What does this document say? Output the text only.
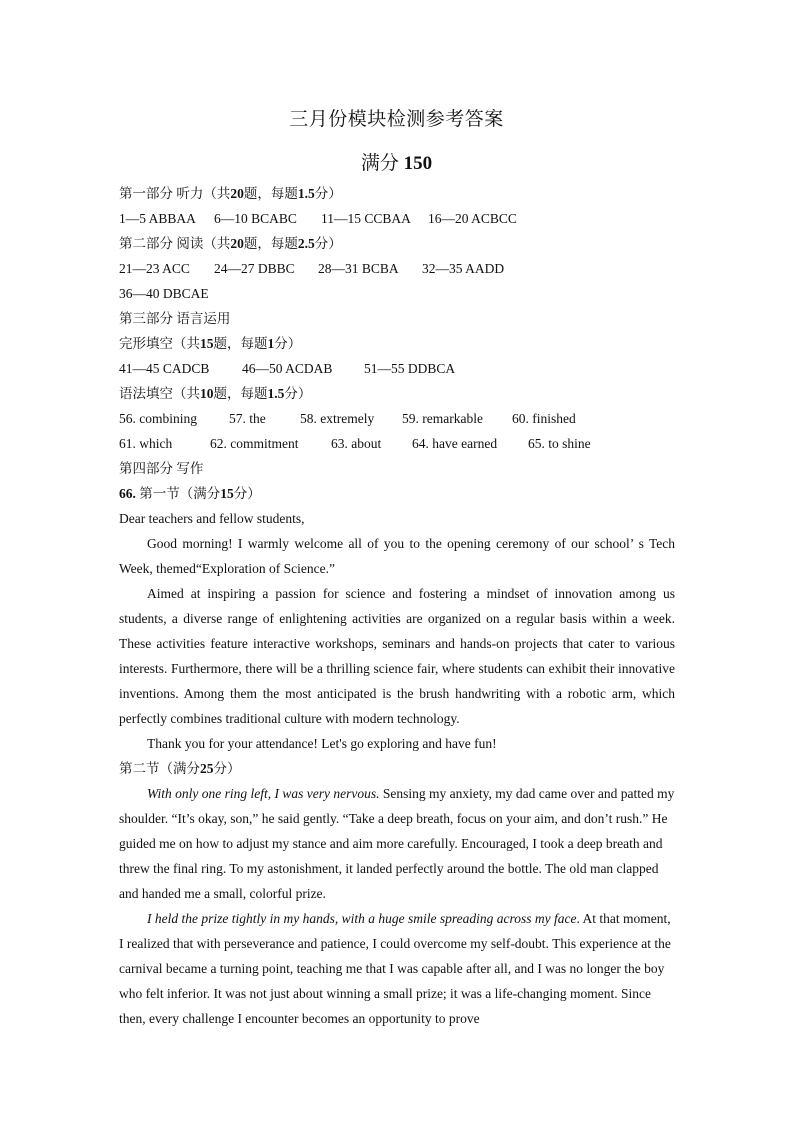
三月份模块检测参考答案
满分 150
第一部分 听力（共20题，每题1.5分）
1—5 ABBAA 6—10 BCABC 11—15 CCBAA 16—20 ACBCC
第二部分 阅读（共20题，每题2.5分）
21—23 ACC 24—27 DBBC 28—31 BCBA 32—35 AADD
36—40 DBCAE
第三部分 语言运用
完形填空（共15题，每题1分）
41—45 CADCB 46—50 ACDAB 51—55 DDBCA
语法填空（共10题，每题1.5分）
56. combining 57. the	58. extremely 59. remarkable 60. finished
61. which	62. commitment 63. about 64. have earned 65. to shine
第四部分 写作
66. 第一节（满分15分）
Dear teachers and fellow students,

Good morning! I warmly welcome all of you to the opening ceremony of our school’ s Tech Week, themed“Exploration of Science.”

Aimed at inspiring a passion for science and fostering a mindset of innovation among us students, a diverse range of enlightening activities are organized on a regular basis within a week. These activities feature interactive workshops, seminars and hands-on projects that cater to various interests. Furthermore, there will be a thrilling science fair, where students can exhibit their innovative inventions. Among them the most anticipated is the brush handwriting with a robotic arm, which perfectly combines traditional culture with modern technology.

Thank you for your attendance! Let's go exploring and have fun!

第二节（满分25分）

With only one ring left, I was very nervous. Sensing my anxiety, my dad came over and patted my shoulder. “It’s okay, son,” he said gently. “Take a deep breath, focus on your aim, and don’t rush.” He guided me on how to adjust my stance and aim more carefully. Encouraged, I took a deep breath and threw the final ring. To my astonishment, it landed perfectly around the bottle. The old man clapped and handed me a small, colorful prize.

I held the prize tightly in my hands, with a huge smile spreading across my face. At that moment, I realized that with perseverance and patience, I could overcome my self-doubt. This experience at the carnival became a turning point, teaching me that I was capable after all, and I was no longer the boy who felt inferior. It was not just about winning a small prize; it was a life-changing moment. Since then, every challenge I encounter becomes an opportunity to prove
